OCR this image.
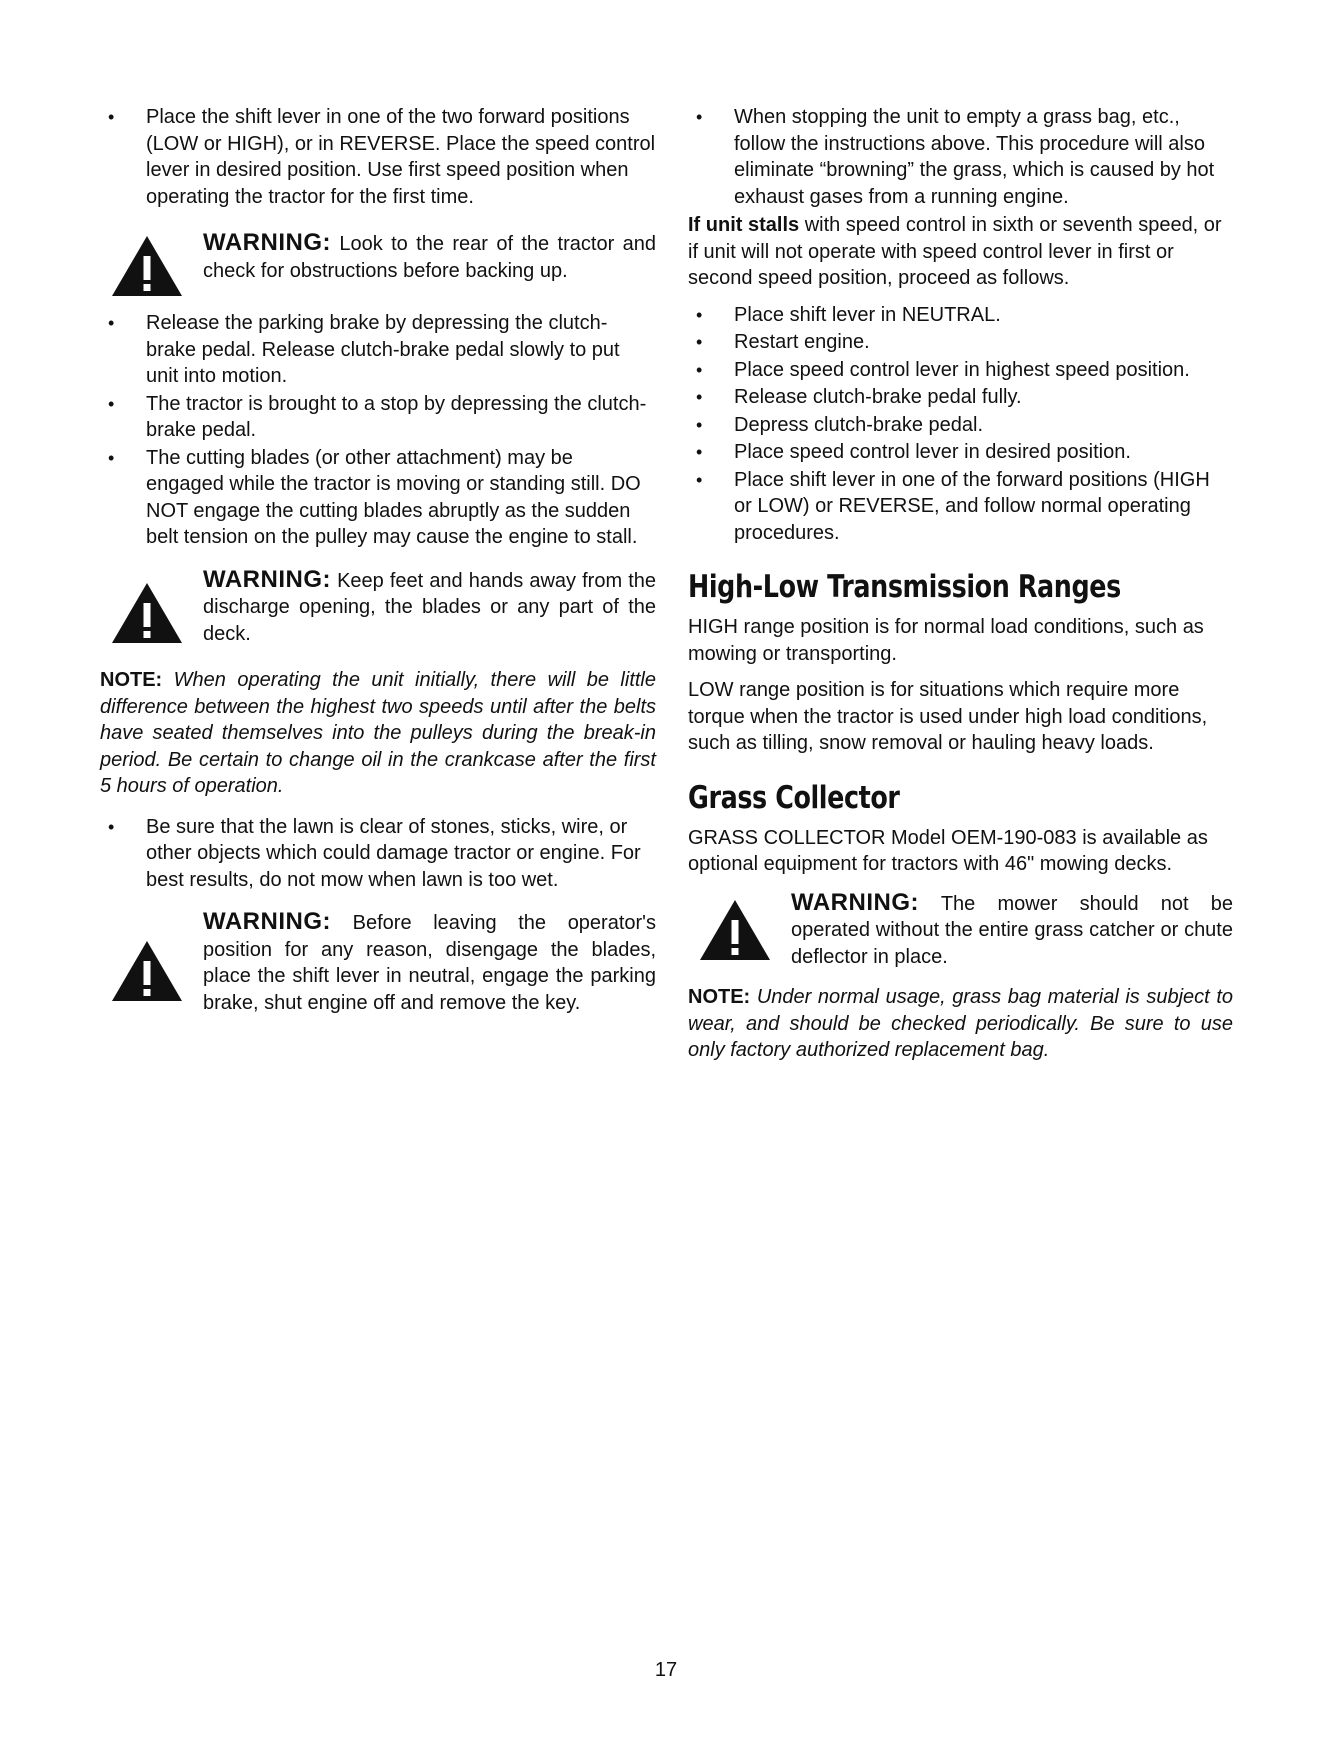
• Place the shift lever in one of the two forward positions (LOW or HIGH), or in REVERSE. Place the speed control lever in desired position. Use first speed position when operating the tractor for the first time.
WARNING: Look to the rear of the tractor and check for obstructions before backing up.
• Release the parking brake by depressing the clutch-brake pedal. Release clutch-brake pedal slowly to put unit into motion.
• The tractor is brought to a stop by depressing the clutch-brake pedal.
• The cutting blades (or other attachment) may be engaged while the tractor is moving or standing still. DO NOT engage the cutting blades abruptly as the sudden belt tension on the pulley may cause the engine to stall.
WARNING: Keep feet and hands away from the discharge opening, the blades or any part of the deck.

NOTE: When operating the unit initially, there will be little difference between the highest two speeds until after the belts have seated themselves into the pulleys during the break-in period. Be certain to change oil in the crankcase after the first 5 hours of operation.

• Be sure that the lawn is clear of stones, sticks, wire, or other objects which could damage tractor or engine. For best results, do not mow when lawn is too wet.
WARNING: Before leaving the operator's position for any reason, disengage the blades, place the shift lever in neutral, engage the parking brake, shut engine off and remove the key.
• When stopping the unit to empty a grass bag, etc., follow the instructions above. This procedure will also eliminate “browning” the grass, which is caused by hot exhaust gases from a running engine.

If unit stalls with speed control in sixth or seventh speed, or if unit will not operate with speed control lever in first or second speed position, proceed as follows.

• Place shift lever in NEUTRAL.
• Restart engine.
• Place speed control lever in highest speed position.
• Release clutch-brake pedal fully.
• Depress clutch-brake pedal.
• Place speed control lever in desired position.
• Place shift lever in one of the forward positions (HIGH or LOW) or REVERSE, and follow normal operating procedures.
High-Low Transmission Ranges

HIGH range position is for normal load conditions, such as mowing or transporting.

LOW range position is for situations which require more torque when the tractor is used under high load conditions, such as tilling, snow removal or hauling heavy loads.

Grass Collector

GRASS COLLECTOR Model OEM-190-083 is available as optional equipment for tractors with 46" mowing decks.

WARNING: The mower should not be operated without the entire grass catcher or chute deflector in place.

NOTE: Under normal usage, grass bag material is subject to wear, and should be checked periodically. Be sure to use only factory authorized replacement bag.

17
